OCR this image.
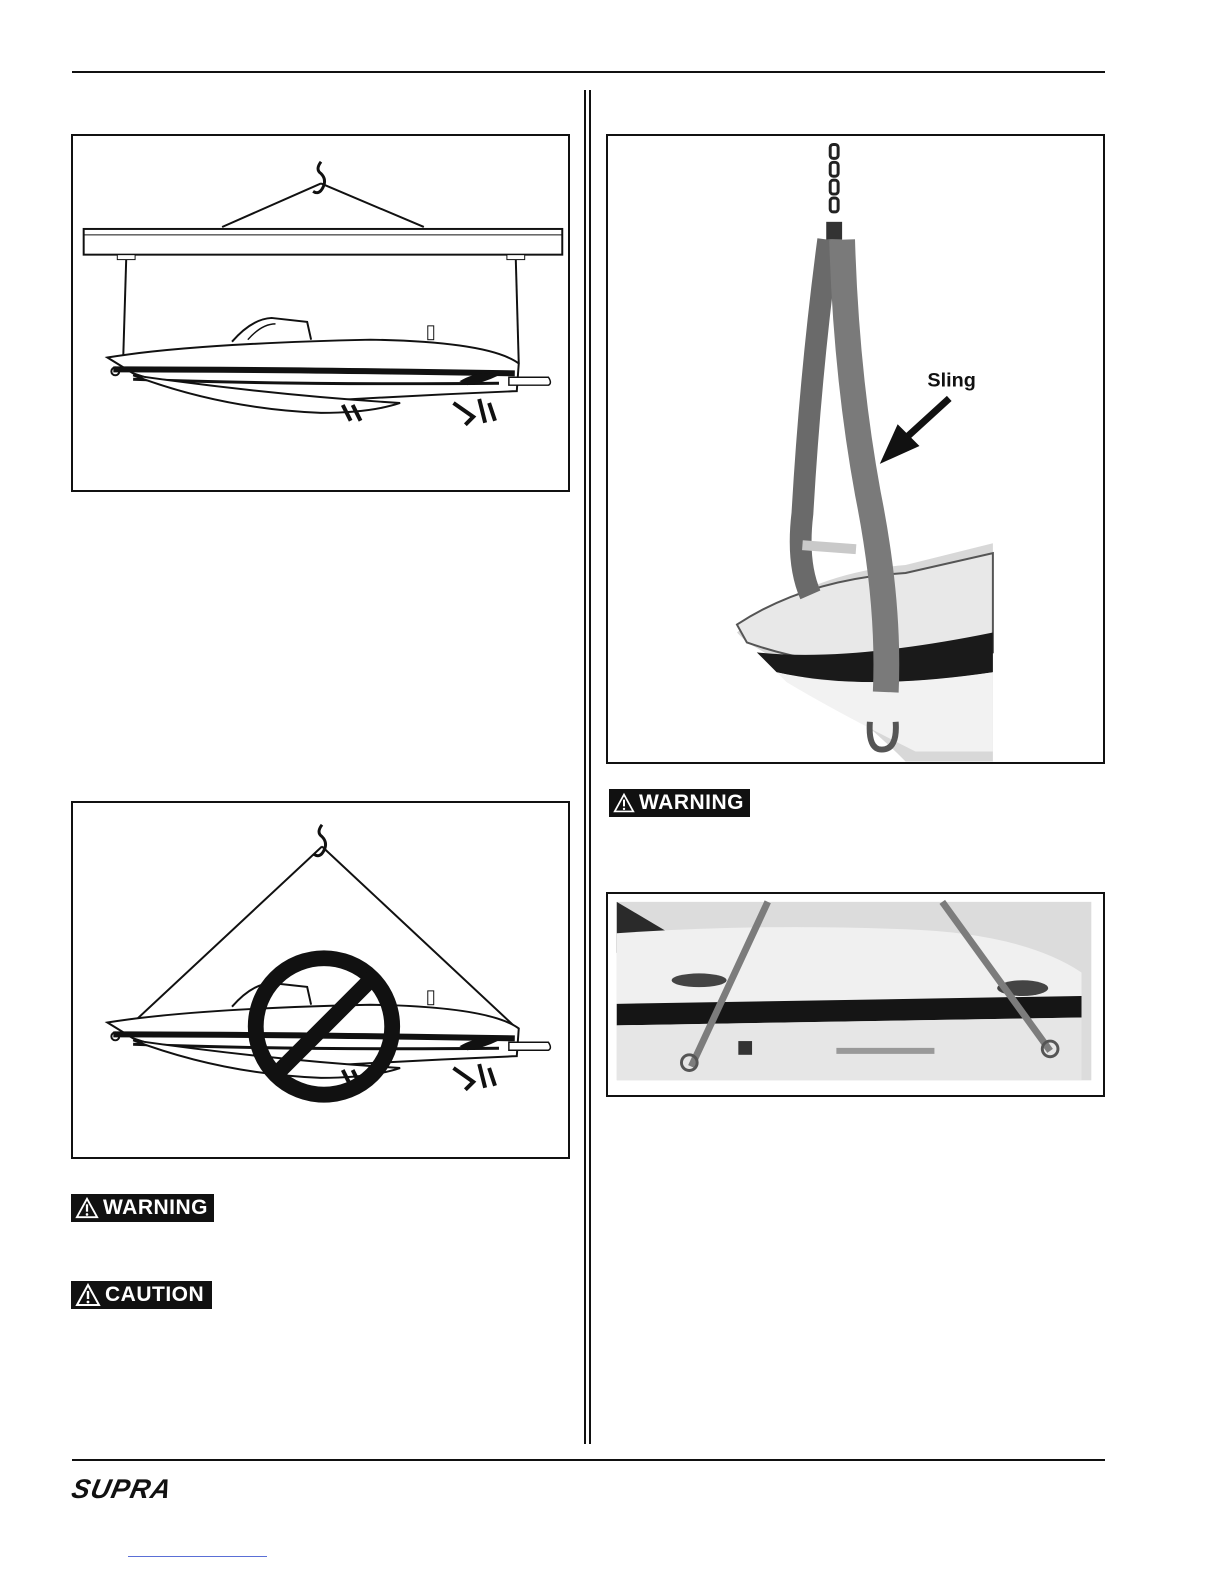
Sling
WARNING
WARNING
CAUTION
SUPRA
